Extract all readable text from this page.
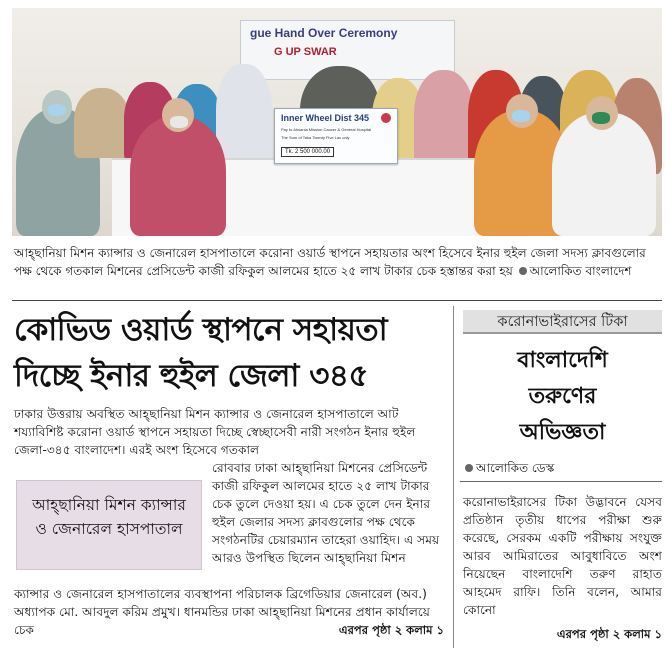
gue Hand Over Ceremony
G UP SWAR
Inner Wheel Dist 345
Pay to Ahsania Mission Cancer & General Hospital
The Sum of Taka Twenty Five Lac only
Tk. 2 500 000.00
আহ্ছানিয়া মিশন ক্যান্সার ও জেনারেল হাসপাতালে করোনা ওয়ার্ড স্থাপনে সহায়তার অংশ হিসেবে ইনার হুইল জেলা সদস্য ক্লাবগুলোর পক্ষ থেকে গতকাল মিশনের প্রেসিডেন্ট কাজী রফিকুল আলমের হাতে ২৫ লাখ টাকার চেক হস্তান্তর করা হয় আলোকিত বাংলাদেশ
কোভিড ওয়ার্ড স্থাপনে সহায়তা
দিচ্ছে ইনার হুইল জেলা ৩৪৫
ঢাকার উত্তরায় অবস্থিত আহ্ছানিয়া মিশন ক্যান্সার ও জেনারেল হাসপাতালে আট শয্যাবিশিষ্ট করোনা ওয়ার্ড স্থাপনে সহায়তা দিচ্ছে স্বেচ্ছাসেবী নারী সংগঠন ইনার হুইল জেলা-৩৪৫ বাংলাদেশ। এরই অংশ হিসেবে গতকাল
আহ্ছানিয়া মিশন ক্যান্সার ও জেনারেল হাসপাতাল
রোববার ঢাকা আহ্ছানিয়া মিশনের প্রেসিডেন্ট কাজী রফিকুল আলমের হাতে ২৫ লাখ টাকার চেক তুলে দেওয়া হয়। এ চেক তুলে দেন ইনার হুইল জেলার সদস্য ক্লাবগুলোর পক্ষ থেকে সংগঠনটির চেয়ারম্যান তাহেরা ওয়াহিদ। এ সময় আরও উপস্থিত ছিলেন আহ্ছানিয়া মিশন
ক্যান্সার ও জেনারেল হাসপাতালের ব্যবস্থাপনা পরিচালক ব্রিগেডিয়ার জেনারেল (অব.) অধ্যাপক মো. আবদুল করিম প্রমুখ। ধানমন্ডির ঢাকা আহ্ছানিয়া মিশনের প্রধান কার্যালয়ে চেক	এরপর পৃষ্ঠা ২ কলাম ১
করোনাভাইরাসের টিকা
বাংলাদেশি
তরুণের
অভিজ্ঞতা
আলোকিত ডেস্ক
করোনাভাইরাসের টিকা উদ্ভাবনে যেসব প্রতিষ্ঠান তৃতীয় ধাপের পরীক্ষা শুরু করেছে, সেরকম একটি পরীক্ষায় সংযুক্ত আরব আমিরাতের আবুধাবিতে অংশ নিয়েছেন বাংলাদেশি তরুণ রাহাত আহমেদ রাফি। তিনি বলেন, আমার কোনো
এরপর পৃষ্ঠা ২ কলাম ১
